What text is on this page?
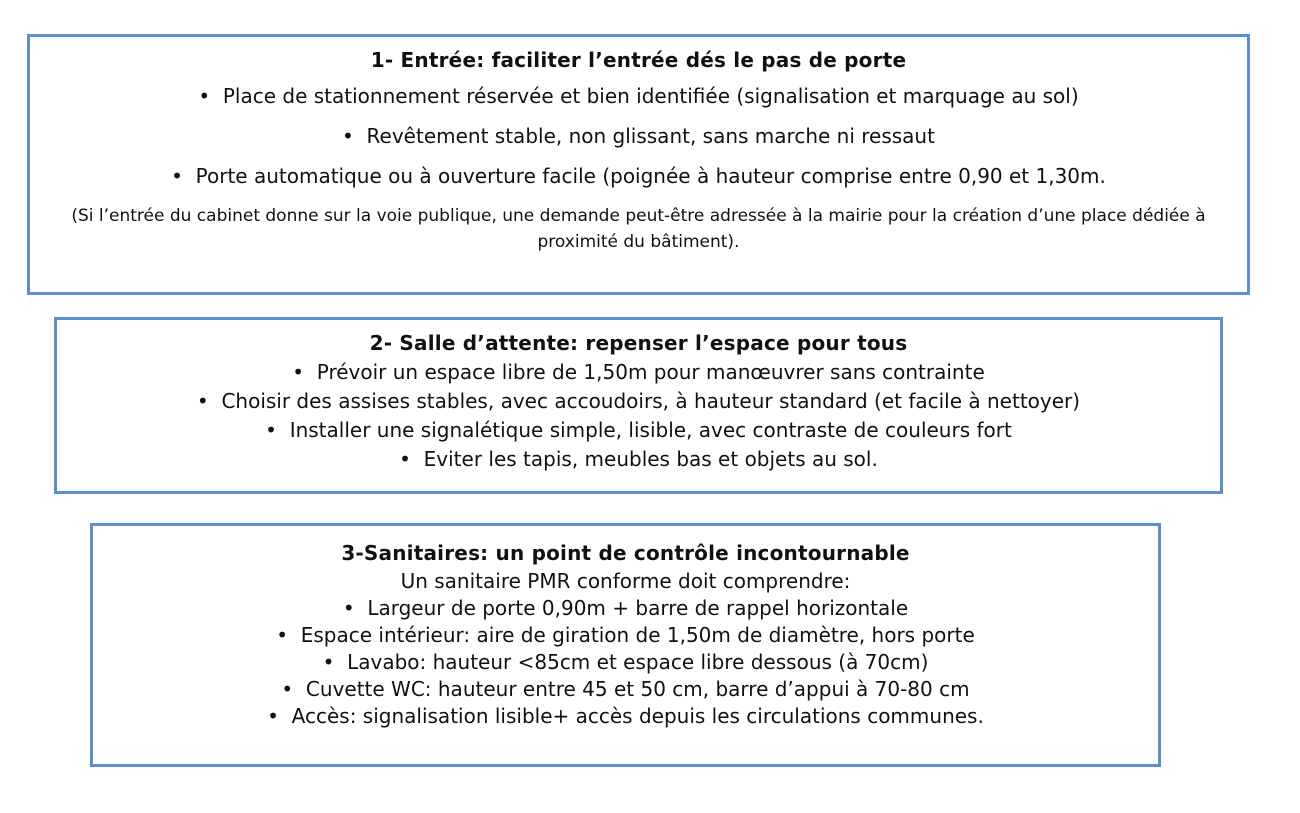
1- Entrée: faciliter l’entrée dés le pas de porte
•  Place de stationnement réservée et bien identifiée (signalisation et marquage au sol)
•  Revêtement stable, non glissant, sans marche ni ressaut
•  Porte automatique ou à ouverture facile (poignée à hauteur comprise entre 0,90 et 1,30m.
(Si l’entrée du cabinet donne sur la voie publique, une demande peut-être adressée à la mairie pour la création d’une place dédiée à proximité du bâtiment).
2- Salle d’attente: repenser l’espace pour tous
•  Prévoir un espace libre de 1,50m pour manœuvrer sans contrainte
•  Choisir des assises stables, avec accoudoirs, à hauteur standard (et facile à nettoyer)
•  Installer une signalétique simple, lisible, avec contraste de couleurs fort
•  Eviter les tapis, meubles bas et objets au sol.
3-Sanitaires: un point de contrôle incontournable
Un sanitaire PMR conforme doit comprendre:
•  Largeur de porte 0,90m + barre de rappel horizontale
•  Espace intérieur: aire de giration de 1,50m de diamètre, hors porte
•  Lavabo: hauteur <85cm et espace libre dessous (à 70cm)
•  Cuvette WC: hauteur entre 45 et 50 cm, barre d’appui à 70-80 cm
•  Accès: signalisation lisible+ accès depuis les circulations communes.
